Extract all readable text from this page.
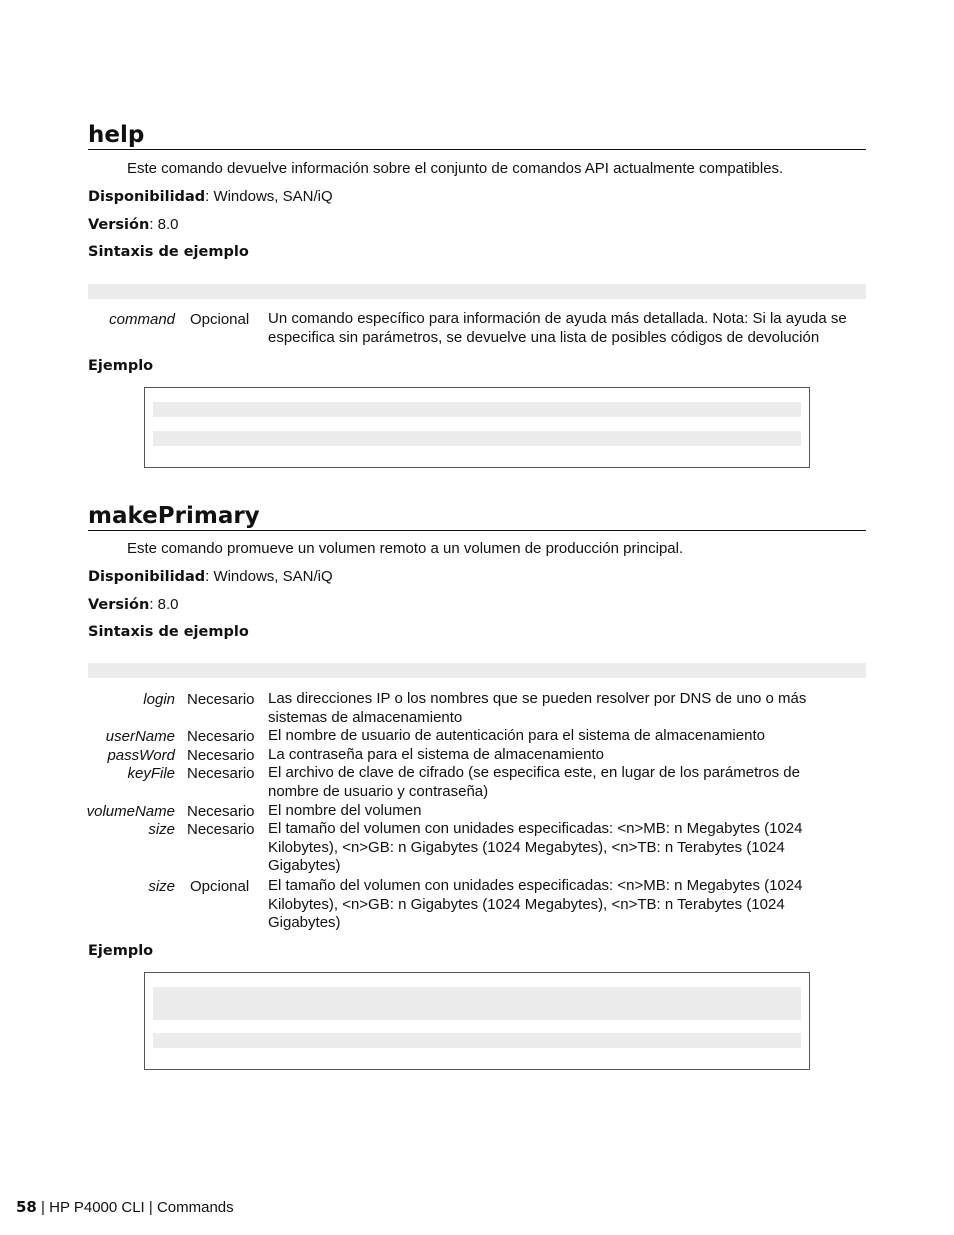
help
Este comando devuelve información sobre el conjunto de comandos API actualmente compatibles.
Disponibilidad: Windows, SAN/iQ
Versión: 8.0
Sintaxis de ejemplo
command Opcional Un comando específico para información de ayuda más detallada. Nota: Si la ayuda se especifica sin parámetros, se devuelve una lista de posibles códigos de devolución
Ejemplo
makePrimary
Este comando promueve un volumen remoto a un volumen de producción principal.
Disponibilidad: Windows, SAN/iQ
Versión: 8.0
Sintaxis de ejemplo
login Necesario Las direcciones IP o los nombres que se pueden resolver por DNS de uno o más sistemas de almacenamiento
userName Necesario El nombre de usuario de autenticación para el sistema de almacenamiento
passWord Necesario La contraseña para el sistema de almacenamiento
keyFile Necesario El archivo de clave de cifrado (se especifica este, en lugar de los parámetros de nombre de usuario y contraseña)
volumeName Necesario El nombre del volumen
size Necesario El tamaño del volumen con unidades especificadas: <n>MB: n Megabytes (1024 Kilobytes), <n>GB: n Gigabytes (1024 Megabytes), <n>TB: n Terabytes (1024 Gigabytes)
size Opcional El tamaño del volumen con unidades especificadas: <n>MB: n Megabytes (1024 Kilobytes), <n>GB: n Gigabytes (1024 Megabytes), <n>TB: n Terabytes (1024 Gigabytes)
Ejemplo
58 | HP P4000 CLI | Commands
